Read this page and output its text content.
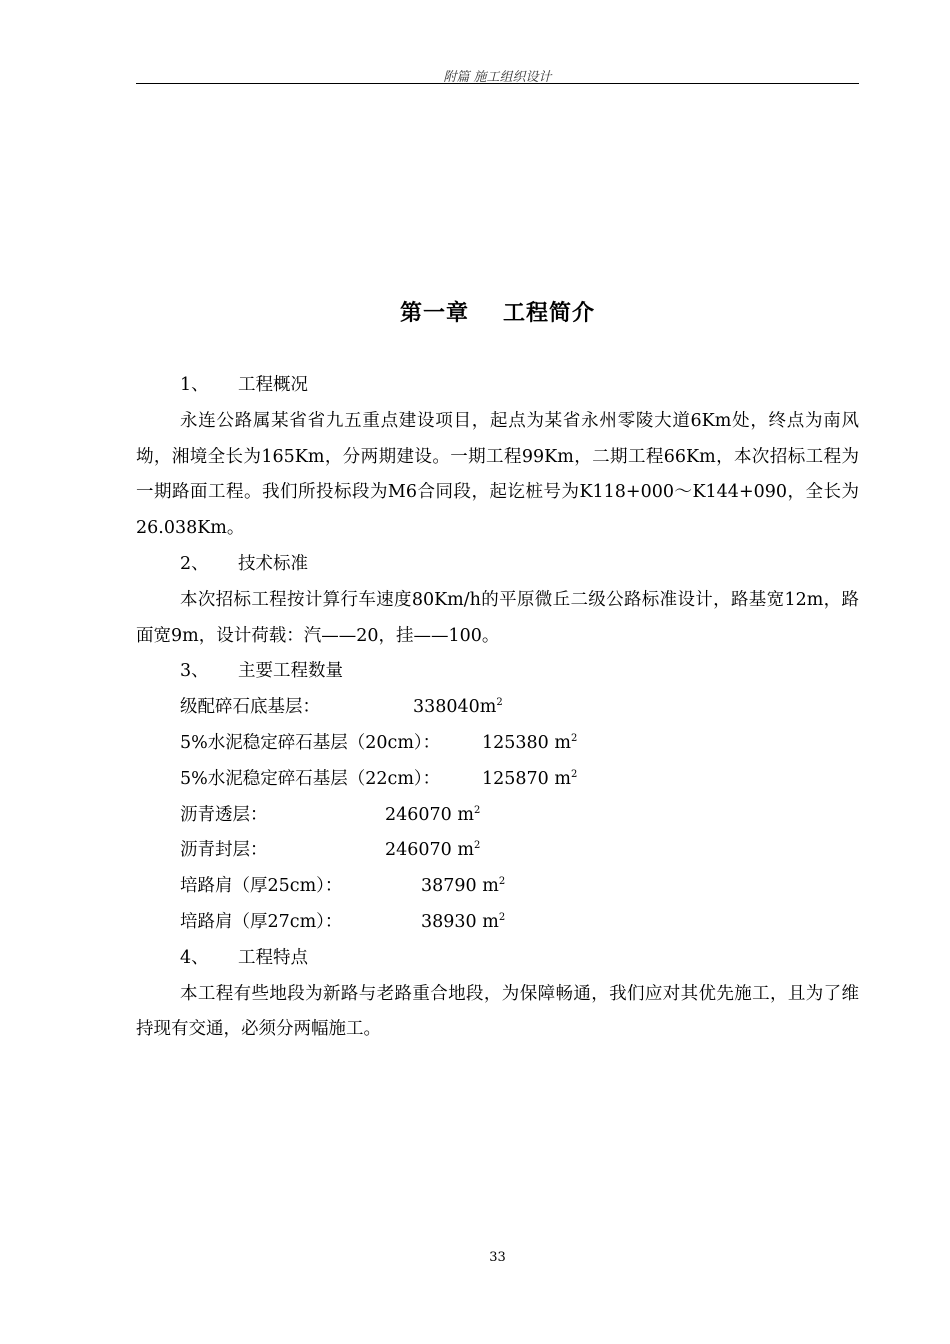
附篇 施工组织设计
第一章 工程简介
1、 工程概况
永连公路属某省省九五重点建设项目，起点为某省永州零陵大道6Km处，终点为南风坳，湘境全长为165Km，分两期建设。一期工程99Km，二期工程66Km，本次招标工程为一期路面工程。我们所投标段为M6合同段，起讫桩号为K118+000～K144+090，全长为26.038Km。
2、 技术标准
本次招标工程按计算行车速度80Km/h的平原微丘二级公路标准设计，路基宽12m，路面宽9m，设计荷载：汽——20，挂——100。
3、 主要工程数量
级配碎石底基层：	$338040m^2$
5%水泥稳定碎石基层（20cm）： 125380 $m^2$
5%水泥稳定碎石基层（22cm）： 125870 $m^2$
沥青透层：	246070 $m^2$
沥青封层：	246070 $m^2$
培路肩（厚25cm）：	38790 $m^2$
培路肩（厚27cm）：	38930 $m^2$
4、 工程特点
本工程有些地段为新路与老路重合地段，为保障畅通，我们应对其优先施工，且为了维持现有交通，必须分两幅施工。
33
